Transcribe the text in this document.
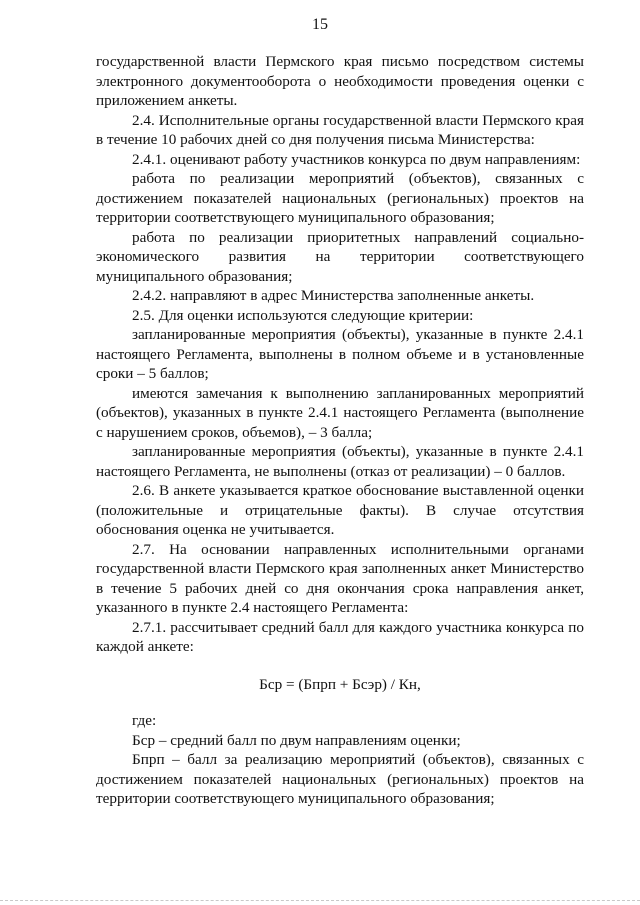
15

государственной власти Пермского края письмо посредством системы электронного документооборота о необходимости проведения оценки с приложением анкеты.

2.4. Исполнительные органы государственной власти Пермского края в течение 10 рабочих дней со дня получения письма Министерства:

2.4.1. оценивают работу участников конкурса по двум направлениям:

работа по реализации мероприятий (объектов), связанных с достижением показателей национальных (региональных) проектов на территории соответствующего муниципального образования;

работа по реализации приоритетных направлений социально-экономического развития на территории соответствующего муниципального образования;

2.4.2. направляют в адрес Министерства заполненные анкеты.

2.5. Для оценки используются следующие критерии:

запланированные мероприятия (объекты), указанные в пункте 2.4.1 настоящего Регламента, выполнены в полном объеме и в установленные сроки – 5 баллов;

имеются замечания к выполнению запланированных мероприятий (объектов), указанных в пункте 2.4.1 настоящего Регламента (выполнение с нарушением сроков, объемов), – 3 балла;

запланированные мероприятия (объекты), указанные в пункте 2.4.1 настоящего Регламента, не выполнены (отказ от реализации) – 0 баллов.

2.6. В анкете указывается краткое обоснование выставленной оценки (положительные и отрицательные факты). В случае отсутствия обоснования оценка не учитывается.

2.7. На основании направленных исполнительными органами государственной власти Пермского края заполненных анкет Министерство в течение 5 рабочих дней со дня окончания срока направления анкет, указанного в пункте 2.4 настоящего Регламента:

2.7.1. рассчитывает средний балл для каждого участника конкурса по каждой анкете:

Бср = (Бпрп + Бсэр) / Кн,

где:

Бср – средний балл по двум направлениям оценки;

Бпрп – балл за реализацию мероприятий (объектов), связанных с достижением показателей национальных (региональных) проектов на территории соответствующего муниципального образования;
